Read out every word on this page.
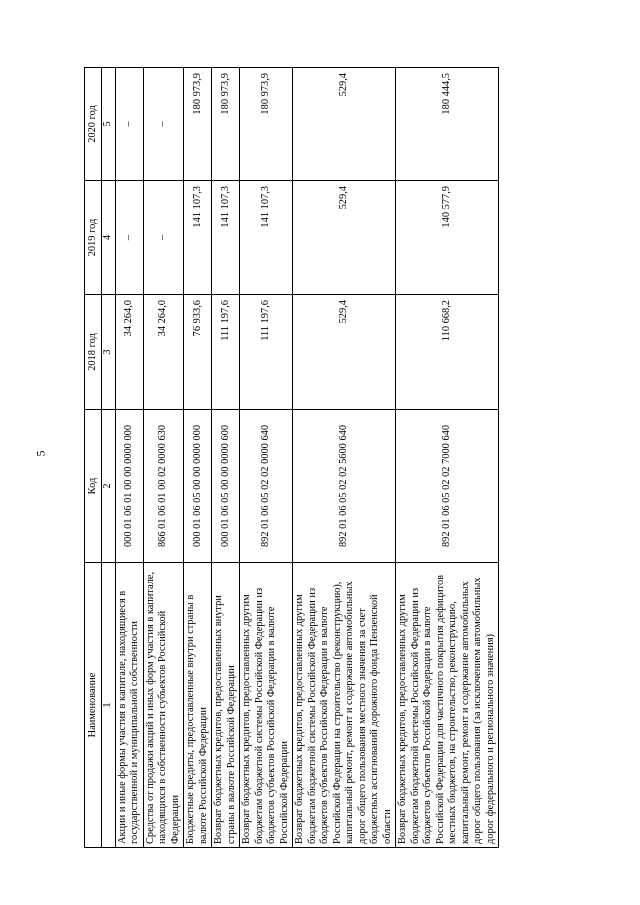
5
Наименование	Код	2018 год	2019 год	2020 год
1	2	3	4	5
Акции и иные формы участия в капитале, находящиеся в государственной и муниципальной собственности	000 01 06 01 00 00 0000 000	34 264,0	–	–
Средства от продажи акций и иных форм участия в капитале, находящихся в собственности субъектов Российской Федерации	866 01 06 01 00 02 0000 630	34 264,0	–	–
Бюджетные кредиты, предоставленные внутри страны в валюте Российской Федерации	000 01 06 05 00 00 0000 000	76 933,6	141 107,3	180 973,9
Возврат бюджетных кредитов, предоставленных внутри страны в валюте Российской Федерации	000 01 06 05 00 00 0000 600	111 197,6	141 107,3	180 973,9
Возврат бюджетных кредитов, предоставленных другим бюджетам бюджетной системы Российской Федерации из бюджетов субъектов Российской Федерации в валюте Российской Федерации	892 01 06 05 02 02 0000 640	111 197,6	141 107,3	180 973,9
Возврат бюджетных кредитов, предоставленных другим бюджетам бюджетной системы Российской Федерации из бюджетов субъектов Российской Федерации в валюте Российской Федерации на строительство (реконструкцию), капитальный ремонт, ремонт и содержание автомобильных дорог общего пользования местного значения за счет бюджетных ассигнований дорожного фонда Пензенской области	892 01 06 05 02 02 5600 640	529,4	529,4	529,4
Возврат бюджетных кредитов, предоставленных другим бюджетам бюджетной системы Российской Федерации из бюджетов субъектов Российской Федерации в валюте Российской Федерации для частичного покрытия дефицитов местных бюджетов, на строительство, реконструкцию, капитальный ремонт, ремонт и содержание автомобильных дорог общего пользования (за исключением автомобильных дорог федерального и регионального значения)	892 01 06 05 02 02 7000 640	110 668,2	140 577,9	180 444,5
